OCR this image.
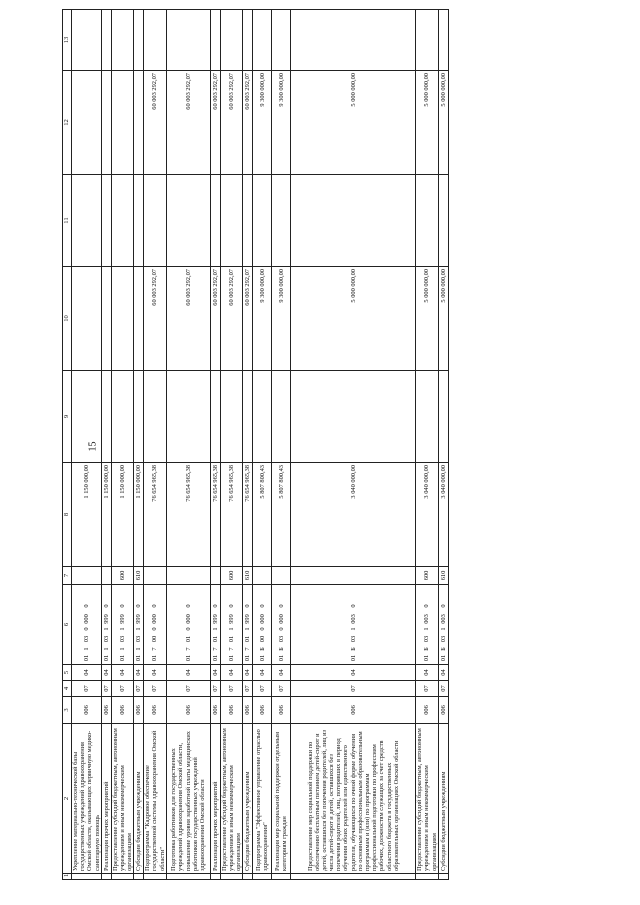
15
1	2	3	4	5	6	7	8	9	10	11	12	13
	Укрепление материально-технической базы государственных учреждений здравоохранения Омской области, оказывающих первичную медико-санитарную помощь	006	07	04	0110300000		1 150 000,00					
	Реализация прочих мероприятий	006	07	04	0110319990		1 150 000,00					
	Предоставление субсидий бюджетным, автономным учреждениям и иным некоммерческим организациям	006	07	04	0110319990	600	1 150 000,00					
	Субсидии бюджетным учреждениям	006	07	04	0110319990	610	1 150 000,00					
	Подпрограмма "Кадровое обеспечение государственной системы здравоохранения Омской области"	006	07	04	0170000000		76 654 965,38		60 003 292,07		60 003 292,07	
	Подготовка работников для государственных учреждений здравоохранения Омской области, повышение уровня заработной платы медицинских работников государственных учреждений здравоохранения Омской области	006	07	04	0170100000		76 654 965,38		60 003 292,07		60 003 292,07	
	Реализация прочих мероприятий	006	07	04	0170119990		76 654 965,38		60 003 292,07		60 003 292,07	
	Предоставление субсидий бюджетным, автономным учреждениям и иным некоммерческим организациям	006	07	04	0170119990	600	76 654 965,38		60 003 292,07		60 003 292,07	
	Субсидии бюджетным учреждениям	006	07	04	0170119990	610	76 654 965,38		60 003 292,07		60 003 292,07	
	Подпрограмма "Эффективное управление отраслью здравоохранения"	006	07	04	01Б0000000		5 807 800,43		9 300 000,00		9 300 000,00	
	Реализация мер социальной поддержки отдельным категориям граждан	006	07	04	01Б0300000		5 807 800,43		9 300 000,00		9 300 000,00	
	Предоставление мер социальной поддержки по обеспечению бесплатным питанием детей-сирот и детей, оставшихся без попечения родителей, лиц из числа детей-сирот и детей, оставшихся без попечения родителей, лиц, потерявших в период обучения обоих родителей или единственного родителя, обучающихся по очной форме обучения по основным профессиональным образовательным программам и (или) по программам профессиональной подготовки по профессиям рабочих, должностям служащих за счет средств областного бюджета в государственных образовательных организациях Омской области	006	07	04	01Б0310030		3 040 000,00		5 000 000,00		5 000 000,00	
	Предоставление субсидий бюджетным, автономным учреждениям и иным некоммерческим организациям	006	07	04	01Б0310030	600	3 040 000,00		5 000 000,00		5 000 000,00	
	Субсидии бюджетным учреждениям	006	07	04	01Б0310030	610	3 040 000,00		5 000 000,00		5 000 000,00	
